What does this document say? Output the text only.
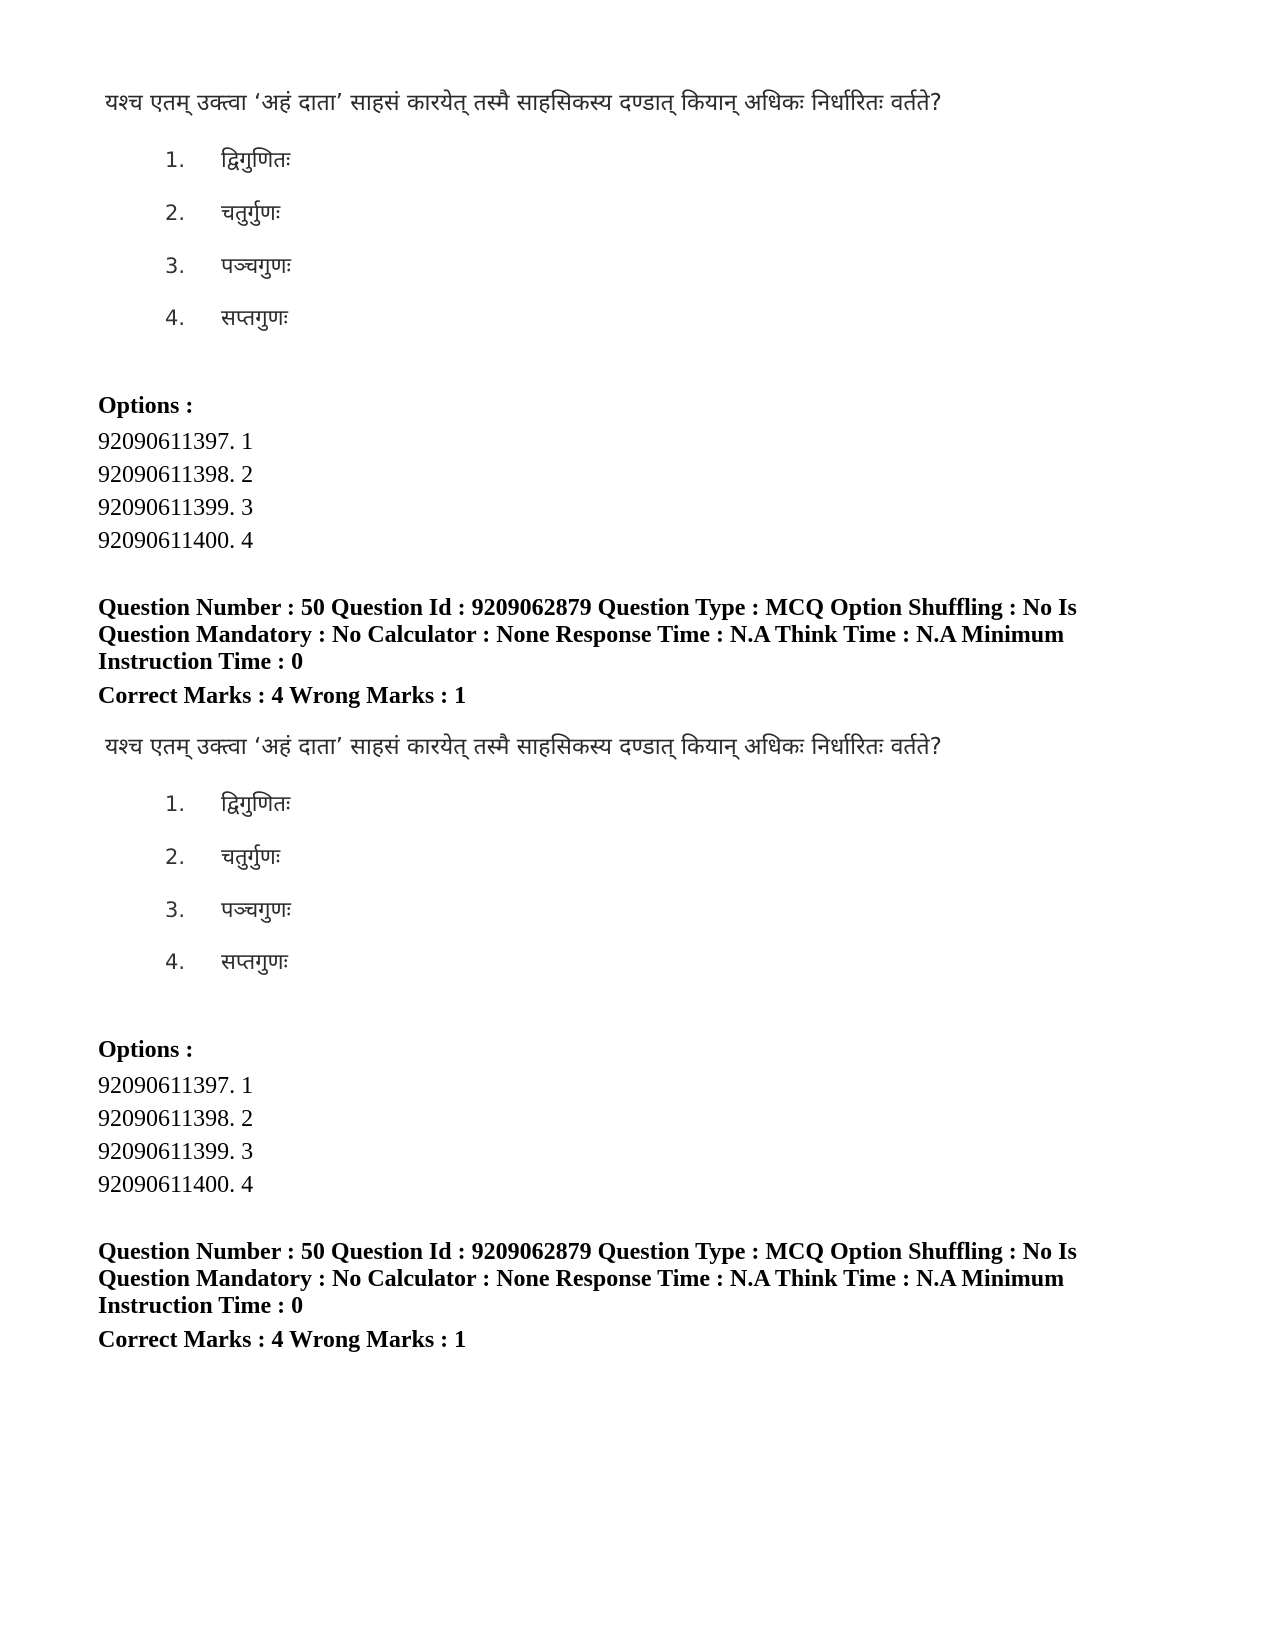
यश्च एतम् उक्त्वा ‘अहं दाता’ साहसं कारयेत् तस्मै साहसिकस्य दण्डात् कियान् अधिकः निर्धारितः वर्तते?
1. द्विगुणितः
2. चतुर्गुणः
3. पञ्चगुणः
4. सप्तगुणः
Options :
92090611397. 1
92090611398. 2
92090611399. 3
92090611400. 4
Question Number : 50 Question Id : 9209062879 Question Type : MCQ Option Shuffling : No Is
Question Mandatory : No Calculator : None Response Time : N.A Think Time : N.A Minimum
Instruction Time : 0
Correct Marks : 4 Wrong Marks : 1
यश्च एतम् उक्त्वा ‘अहं दाता’ साहसं कारयेत् तस्मै साहसिकस्य दण्डात् कियान् अधिकः निर्धारितः वर्तते?
1. द्विगुणितः
2. चतुर्गुणः
3. पञ्चगुणः
4. सप्तगुणः
Options :
92090611397. 1
92090611398. 2
92090611399. 3
92090611400. 4
Question Number : 50 Question Id : 9209062879 Question Type : MCQ Option Shuffling : No Is
Question Mandatory : No Calculator : None Response Time : N.A Think Time : N.A Minimum
Instruction Time : 0
Correct Marks : 4 Wrong Marks : 1
